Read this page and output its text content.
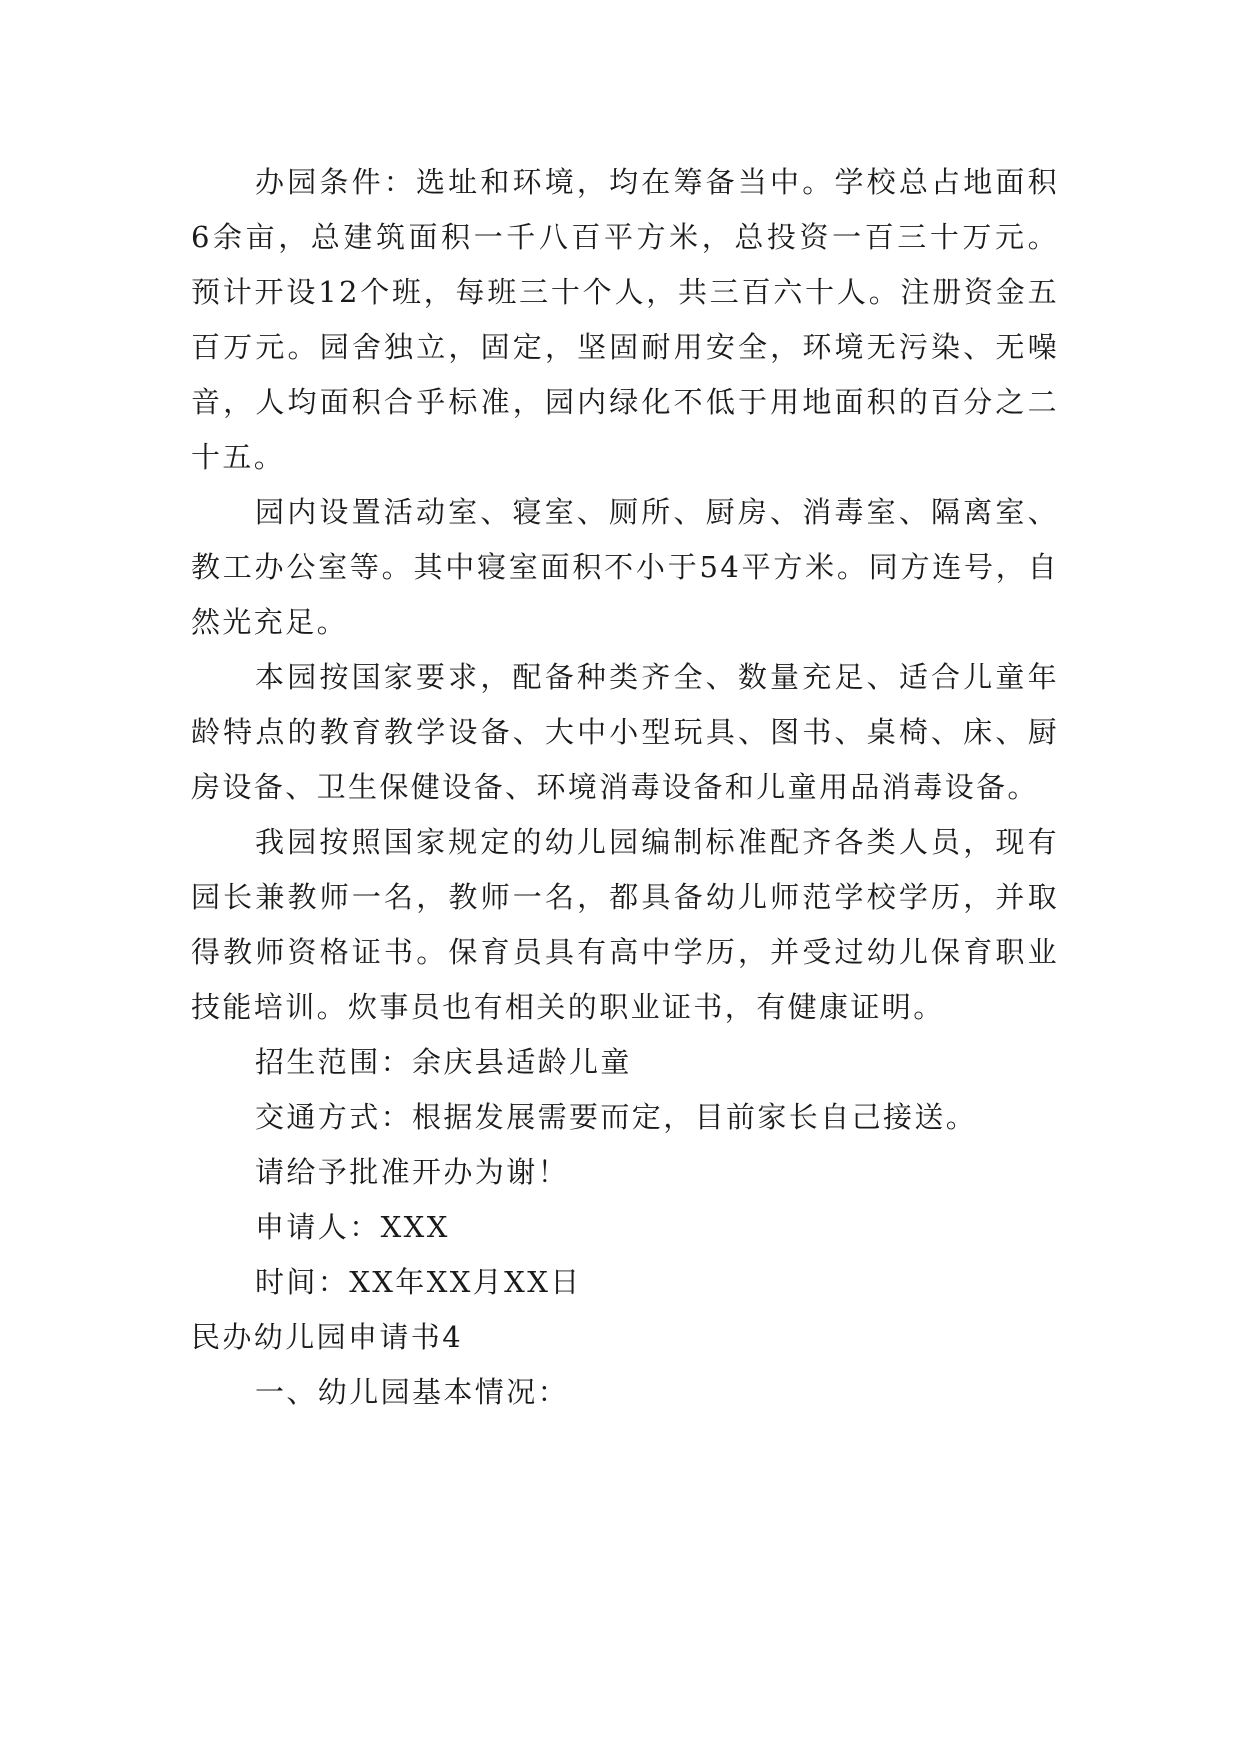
办园条件：选址和环境，均在筹备当中。学校总占地面积6余亩，总建筑面积一千八百平方米，总投资一百三十万元。预计开设12个班，每班三十个人，共三百六十人。注册资金五百万元。园舍独立，固定，坚固耐用安全，环境无污染、无噪音，人均面积合乎标准，园内绿化不低于用地面积的百分之二十五。

园内设置活动室、寝室、厕所、厨房、消毒室、隔离室、教工办公室等。其中寝室面积不小于54平方米。同方连号，自然光充足。

本园按国家要求，配备种类齐全、数量充足、适合儿童年龄特点的教育教学设备、大中小型玩具、图书、桌椅、床、厨房设备、卫生保健设备、环境消毒设备和儿童用品消毒设备。

我园按照国家规定的幼儿园编制标准配齐各类人员，现有园长兼教师一名，教师一名，都具备幼儿师范学校学历，并取得教师资格证书。保育员具有高中学历，并受过幼儿保育职业技能培训。炊事员也有相关的职业证书，有健康证明。

招生范围：余庆县适龄儿童

交通方式：根据发展需要而定，目前家长自己接送。

请给予批准开办为谢！

申请人：XXX

时间：XX年XX月XX日

民办幼儿园申请书4

一、幼儿园基本情况：
